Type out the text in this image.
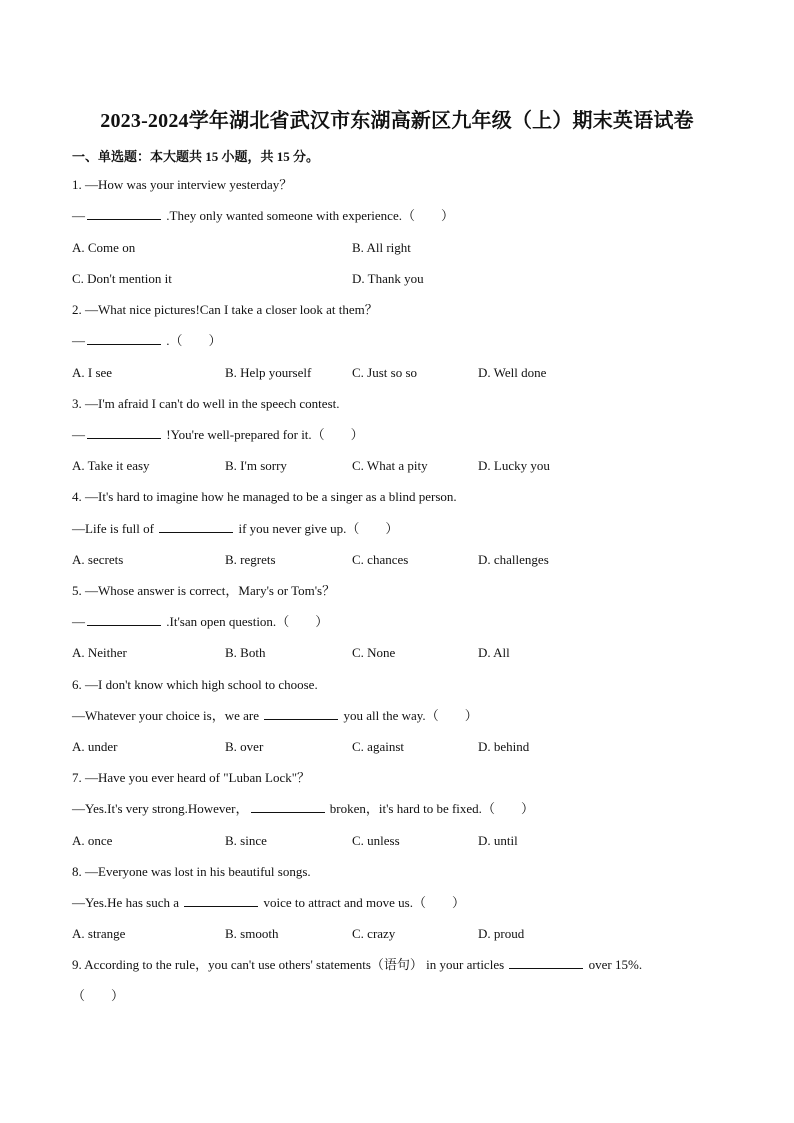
2023-2024学年湖北省武汉市东湖高新区九年级（上）期末英语试卷
一、单选题：本大题共 15 小题，共 15 分。
1. —How was your interview yesterday？
—	.They only wanted someone with experience.（　　）
A. Come on	B. All right
C. Don't mention it	D. Thank you
2. —What nice pictures!Can I take a closer look at them？
—	.（　　）
A. I see	B. Help yourself	C. Just so so	D. Well done
3. —I'm afraid I can't do well in the speech contest.
—	!You're well-prepared for it.（　　）
A. Take it easy	B. I'm sorry	C. What a pity	D. Lucky you
4. —It's hard to imagine how he managed to be a singer as a blind person.
—Life is full of	if you never give up.（　　）
A. secrets	B. regrets	C. chances	D. challenges
5. —Whose answer is correct，Mary's or Tom's？
—	.It'san open question.（　　）
A. Neither	B. Both	C. None	D. All
6. —I don't know which high school to choose.
—Whatever your choice is，we are	you all the way.（　　）
A. under	B. over	C. against	D. behind
7. —Have you ever heard of "Luban Lock"？
—Yes.It's very strong.However，	broken，it's hard to be fixed.（　　）
A. once	B. since	C. unless	D. until
8. —Everyone was lost in his beautiful songs.
—Yes.He has such a	voice to attract and move us.（　　）
A. strange	B. smooth	C. crazy	D. proud
9. According to the rule，you can't use others' statements（语句） in your articles	over 15%.
（　　）
